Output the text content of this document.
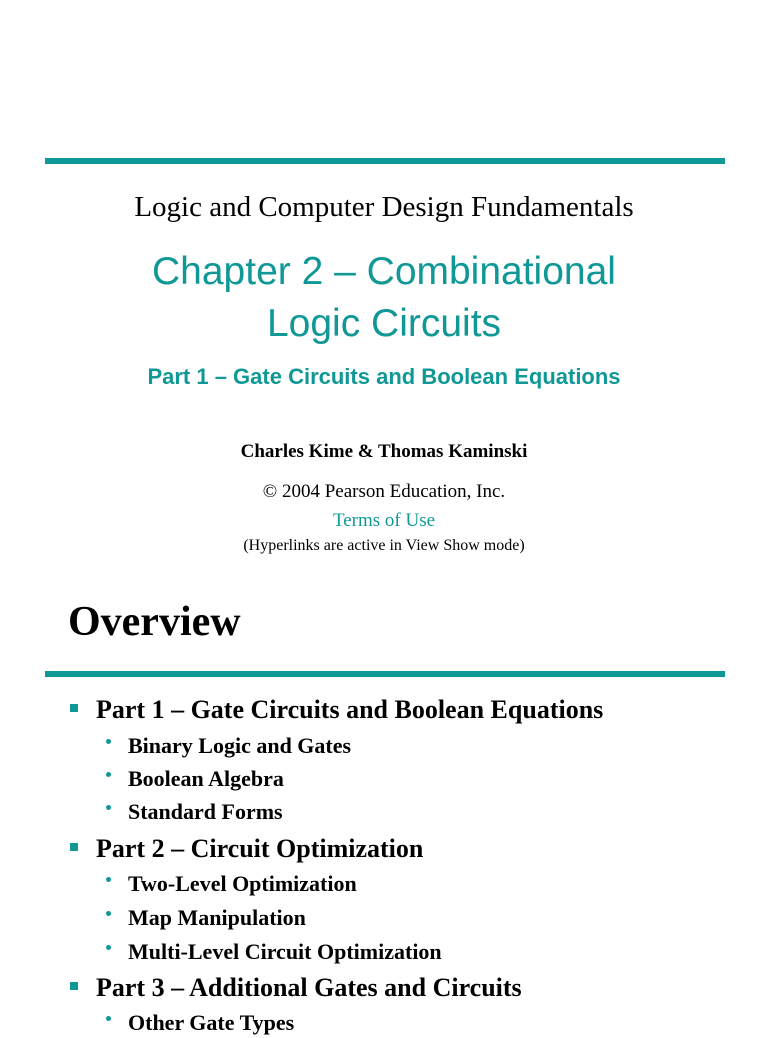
Logic and Computer Design Fundamentals
Chapter 2 – Combinational
Logic Circuits
Part 1 – Gate Circuits and Boolean Equations
Charles Kime & Thomas Kaminski
© 2004 Pearson Education, Inc.
Terms of Use
(Hyperlinks are active in View Show mode)
Overview
Part 1 – Gate Circuits and Boolean Equations
Binary Logic and Gates
Boolean Algebra
Standard Forms
Part 2 – Circuit Optimization
Two-Level Optimization
Map Manipulation
Multi-Level Circuit Optimization
Part 3 – Additional Gates and Circuits
Other Gate Types
